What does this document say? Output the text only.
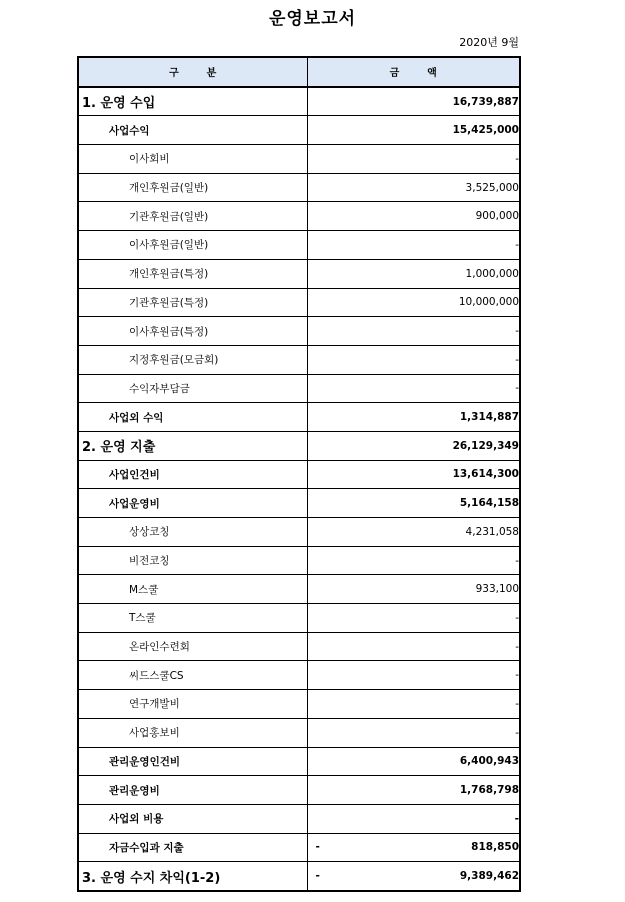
운영보고서
2020년 9월
구        분	금        액
1. 운영 수입	16,739,887

사업수익	15,425,000

이사회비	-

개인후원금(일반)	3,525,000

기관후원금(일반)	900,000

이사후원금(일반)	-

개인후원금(특정)	1,000,000

기관후원금(특정)	10,000,000

이사후원금(특정)	-

지정후원금(모금회)	-

수익자부담금	-

사업외 수익	1,314,887

2. 운영 지출	26,129,349

사업인건비	13,614,300

사업운영비	5,164,158

상상코칭	4,231,058

비전코칭	-

M스쿨	933,100

T스쿨	-

온라인수련회	-

씨드스쿨CS	-

연구개발비	-

사업홍보비	-

관리운영인건비	6,400,943

관리운영비	1,768,798

사업외 비용	-

자금수입과 지출	- 818,850

3. 운영 수지 차익(1-2)	- 9,389,462
